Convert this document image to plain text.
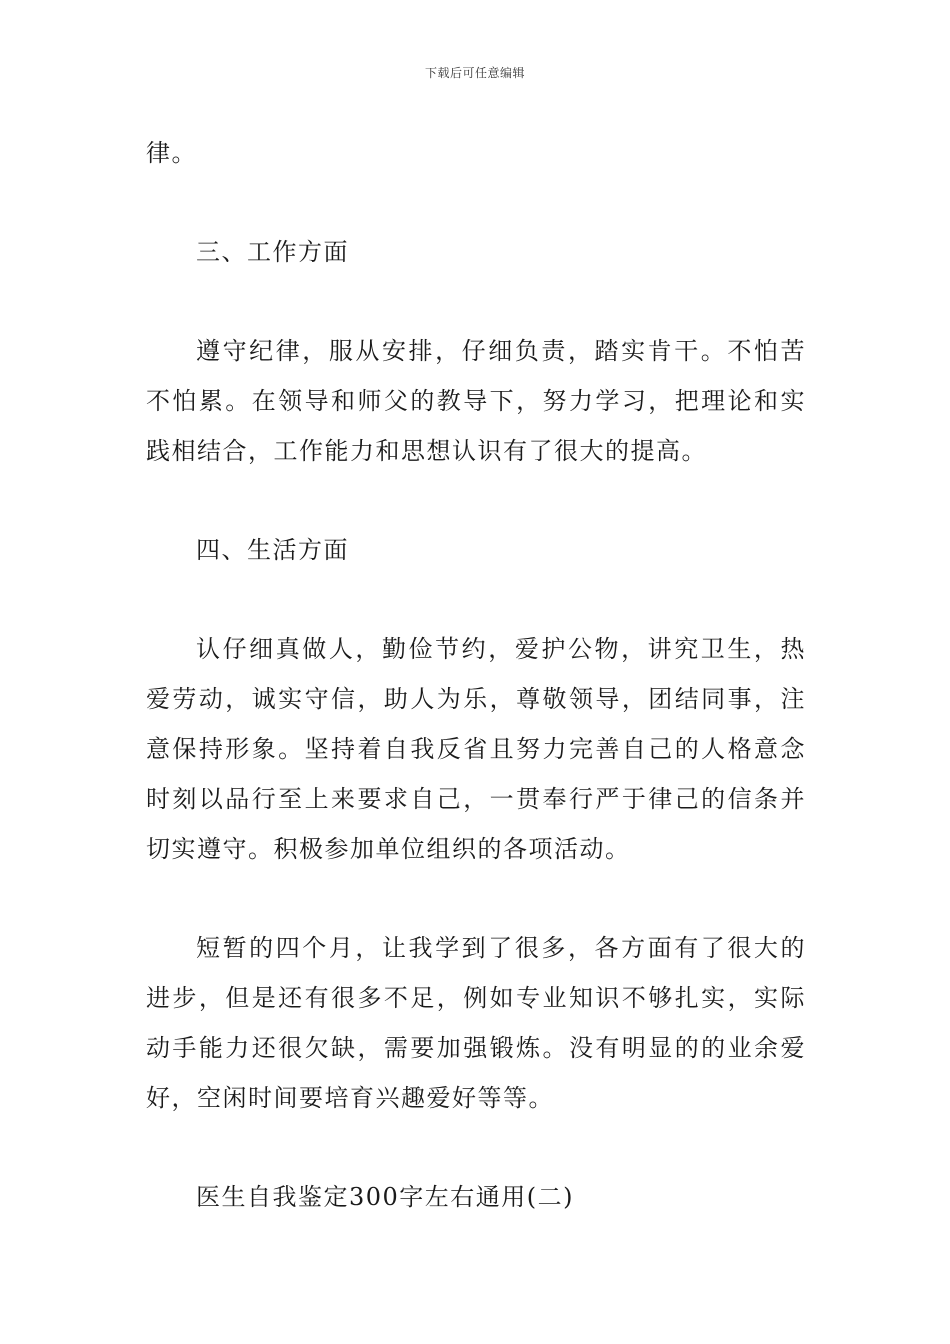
下载后可任意编辑

律。

三、工作方面

遵守纪律，服从安排，仔细负责，踏实肯干。不怕苦不怕累。在领导和师父的教导下，努力学习，把理论和实践相结合，工作能力和思想认识有了很大的提高。

四、生活方面

认仔细真做人，勤俭节约，爱护公物，讲究卫生，热爱劳动，诚实守信，助人为乐，尊敬领导，团结同事，注意保持形象。坚持着自我反省且努力完善自己的人格意念时刻以品行至上来要求自己，一贯奉行严于律己的信条并切实遵守。积极参加单位组织的各项活动。

短暂的四个月，让我学到了很多，各方面有了很大的进步，但是还有很多不足，例如专业知识不够扎实，实际动手能力还很欠缺，需要加强锻炼。没有明显的的业余爱好，空闲时间要培育兴趣爱好等等。

医生自我鉴定300字左右通用(二)
